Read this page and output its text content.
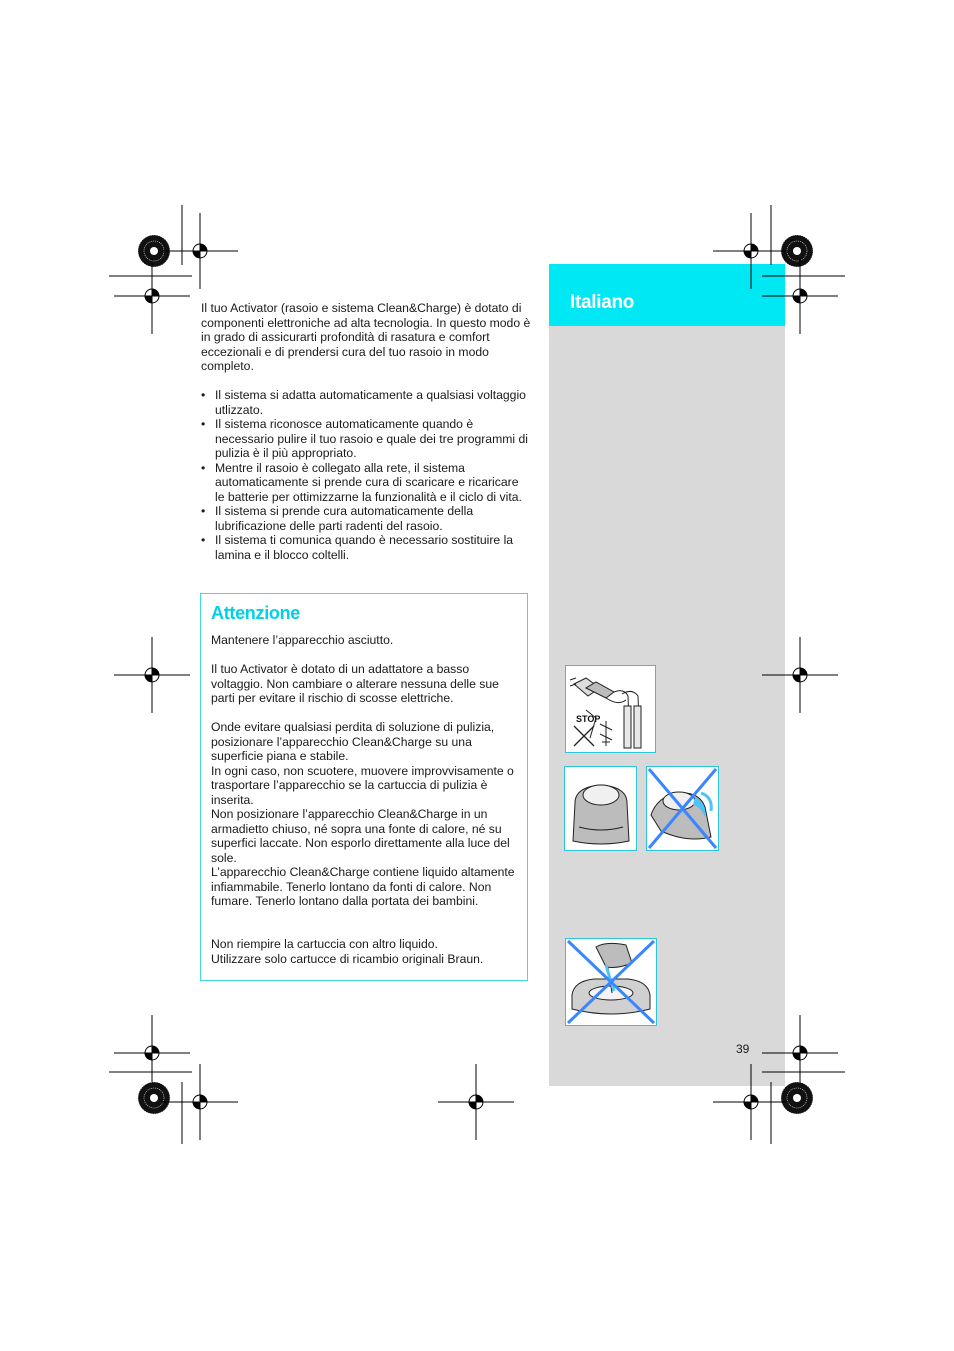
Italiano
Il tuo Activator (rasoio e sistema Clean&Charge) è dotato di componenti elettroniche ad alta tecnologia. In questo modo è in grado di assicurarti profondità di rasatura e comfort eccezionali e di prendersi cura del tuo rasoio in modo completo.
• Il sistema si adatta automaticamente a qualsiasi voltaggio utlizzato.
• Il sistema riconosce automaticamente quando è necessario pulire il tuo rasoio e quale dei tre programmi di pulizia è il più appropriato.
• Mentre il rasoio è collegato alla rete, il sistema automaticamente si prende cura di scaricare e ricaricare le batterie per ottimizzarne la funzionalità e il ciclo di vita.
• Il sistema si prende cura automaticamente della lubrificazione delle parti radenti del rasoio.
• Il sistema ti comunica quando è necessario sostituire la lamina e il blocco coltelli.
Attenzione

Mantenere l’apparecchio asciutto.

Il tuo Activator è dotato di un adattatore a basso voltaggio. Non cambiare o alterare nessuna delle sue parti per evitare il rischio di scosse elettriche.

Onde evitare qualsiasi perdita di soluzione di pulizia, posizionare l’apparecchio Clean&Charge su una superficie piana e stabile.

In ogni caso, non scuotere, muovere improvvisamente o trasportare l’apparecchio se la cartuccia di pulizia è inserita.

Non posizionare l’apparecchio Clean&Charge in un armadietto chiuso, né sopra una fonte di calore, né su superfici laccate. Non esporlo direttamente alla luce del sole.

L’apparecchio Clean&Charge contiene liquido altamente infiammabile. Tenerlo lontano da fonti di calore. Non fumare. Tenerlo lontano dalla portata dei bambini.

Non riempire la cartuccia con altro liquido.

Utilizzare solo cartucce di ricambio originali Braun.

STOP
39
